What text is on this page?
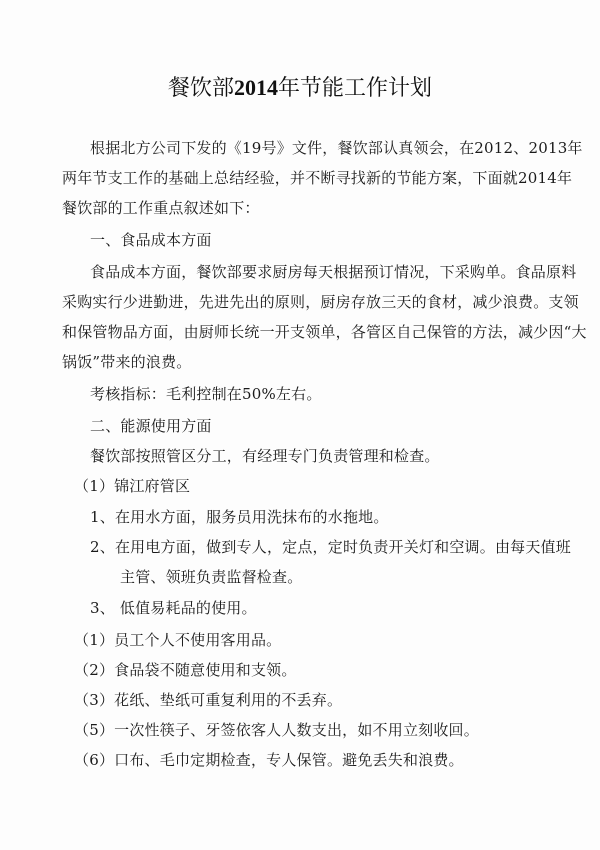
餐饮部2014年节能工作计划
根据北方公司下发的《19号》文件，餐饮部认真领会，在2012、2013年
两年节支工作的基础上总结经验，并不断寻找新的节能方案，下面就2014年
餐饮部的工作重点叙述如下：
一、食品成本方面
食品成本方面，餐饮部要求厨房每天根据预订情况，下采购单。食品原料
采购实行少进勤进，先进先出的原则，厨房存放三天的食材，减少浪费。支领
和保管物品方面，由厨师长统一开支领单，各管区自己保管的方法，减少因“大
锅饭”带来的浪费。
考核指标：毛利控制在50%左右。
二、能源使用方面
餐饮部按照管区分工，有经理专门负责管理和检查。
（1）锦江府管区
1、在用水方面，服务员用洗抹布的水拖地。
2、在用电方面，做到专人，定点，定时负责开关灯和空调。由每天值班
主管、领班负责监督检查。
3、 低值易耗品的使用。
（1）员工个人不使用客用品。
（2）食品袋不随意使用和支领。
（3）花纸、垫纸可重复利用的不丢弃。
（5）一次性筷子、牙签依客人人数支出，如不用立刻收回。
（6）口布、毛巾定期检查，专人保管。避免丢失和浪费。
